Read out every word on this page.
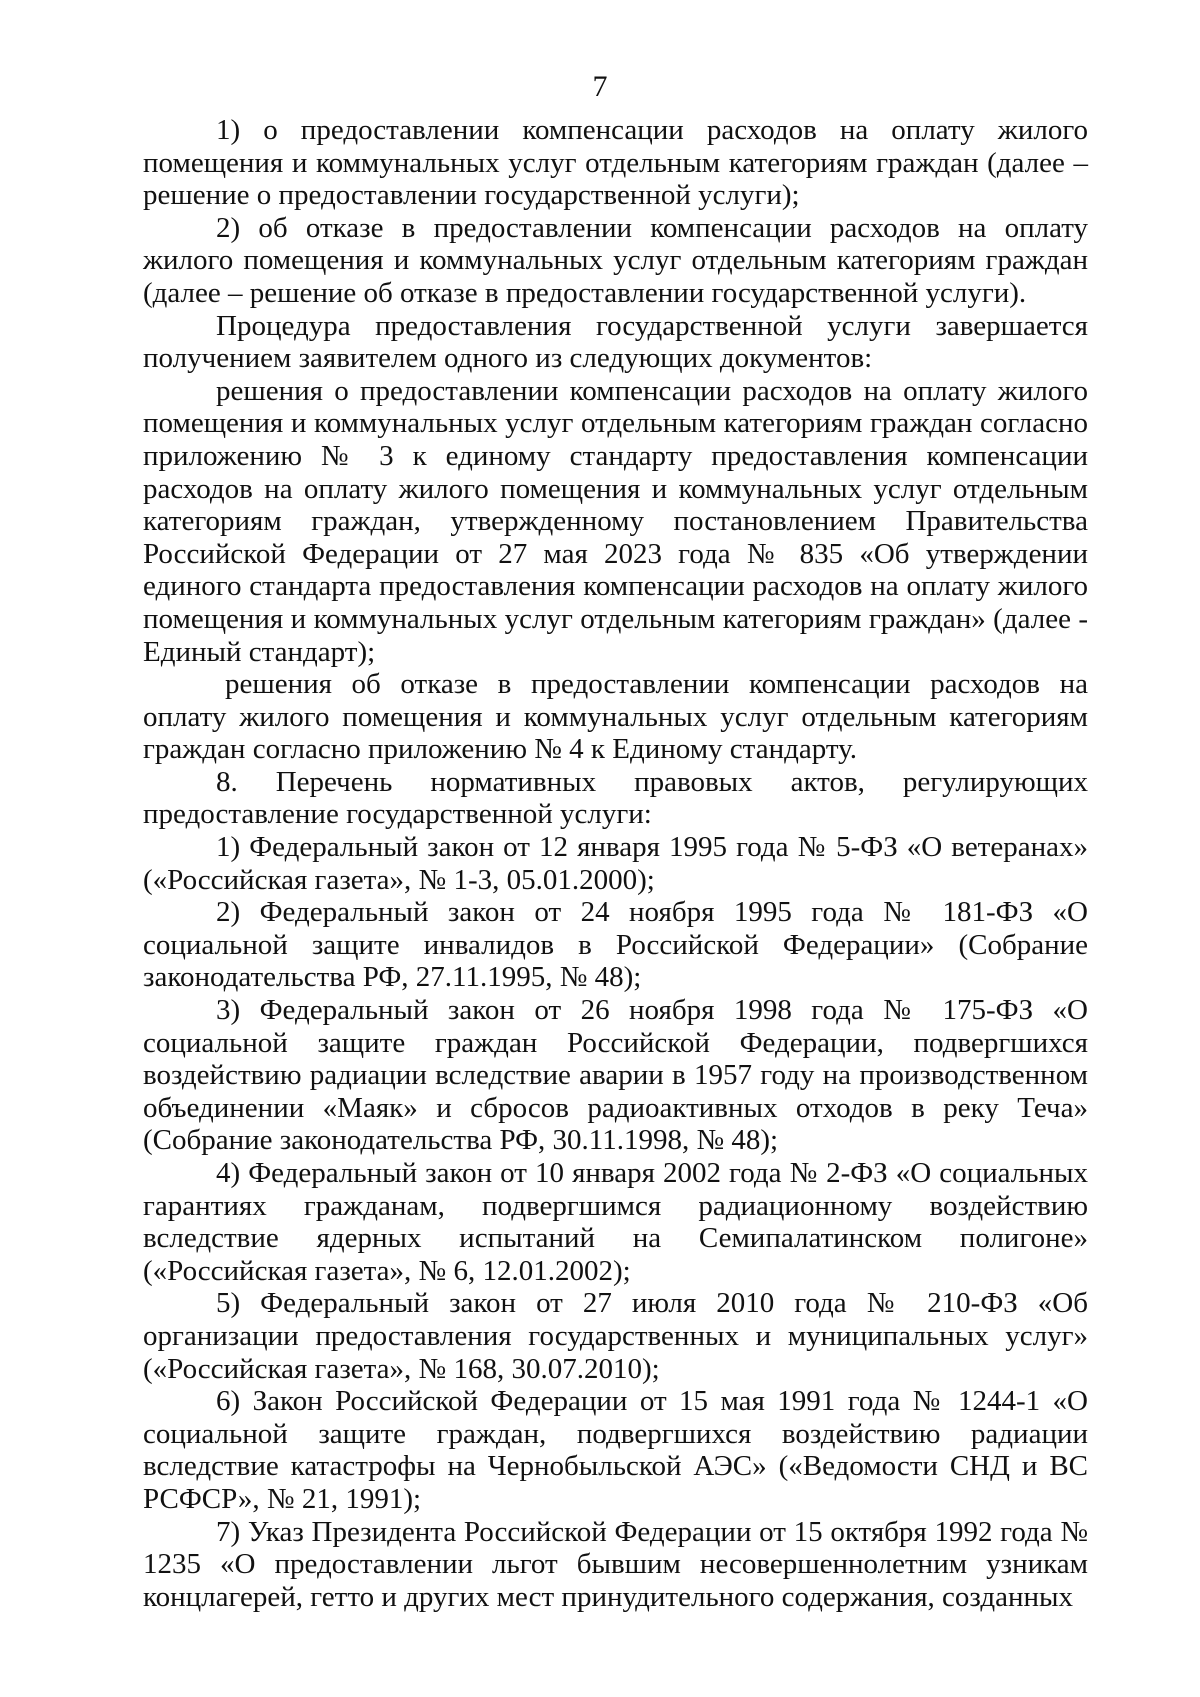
7

1) о предоставлении компенсации расходов на оплату жилого помещения и коммунальных услуг отдельным категориям граждан (далее – решение о предоставлении государственной услуги);

2) об отказе в предоставлении компенсации расходов на оплату жилого помещения и коммунальных услуг отдельным категориям граждан (далее – решение об отказе в предоставлении государственной услуги).

Процедура предоставления государственной услуги завершается получением заявителем одного из следующих документов:

решения о предоставлении компенсации расходов на оплату жилого помещения и коммунальных услуг отдельным категориям граждан согласно приложению № 3 к единому стандарту предоставления компенсации расходов на оплату жилого помещения и коммунальных услуг отдельным категориям граждан, утвержденному постановлением Правительства Российской Федерации от 27 мая 2023 года № 835 «Об утверждении единого стандарта предоставления компенсации расходов на оплату жилого помещения и коммунальных услуг отдельным категориям граждан» (далее - Единый стандарт);

решения об отказе в предоставлении компенсации расходов на оплату жилого помещения и коммунальных услуг отдельным категориям граждан согласно приложению № 4 к Единому стандарту.

8. Перечень нормативных правовых актов, регулирующих предоставление государственной услуги:

1) Федеральный закон от 12 января 1995 года № 5-ФЗ «О ветеранах» («Российская газета», № 1-3, 05.01.2000);

2) Федеральный закон от 24 ноября 1995 года № 181-ФЗ «О социальной защите инвалидов в Российской Федерации» (Собрание законодательства РФ, 27.11.1995, № 48);

3) Федеральный закон от 26 ноября 1998 года № 175-ФЗ «О социальной защите граждан Российской Федерации, подвергшихся воздействию радиации вследствие аварии в 1957 году на производственном объединении «Маяк» и сбросов радиоактивных отходов в реку Теча» (Собрание законодательства РФ, 30.11.1998, № 48);

4) Федеральный закон от 10 января 2002 года № 2-ФЗ «О социальных гарантиях гражданам, подвергшимся радиационному воздействию вследствие ядерных испытаний на Семипалатинском полигоне» («Российская газета», № 6, 12.01.2002);

5) Федеральный закон от 27 июля 2010 года № 210-ФЗ «Об организации предоставления государственных и муниципальных услуг» («Российская газета», № 168, 30.07.2010);

6) Закон Российской Федерации от 15 мая 1991 года № 1244-1 «О социальной защите граждан, подвергшихся воздействию радиации вследствие катастрофы на Чернобыльской АЭС» («Ведомости СНД и ВС РСФСР», № 21, 1991);

7) Указ Президента Российской Федерации от 15 октября 1992 года № 1235 «О предоставлении льгот бывшим несовершеннолетним узникам концлагерей, гетто и других мест принудительного содержания, созданных
